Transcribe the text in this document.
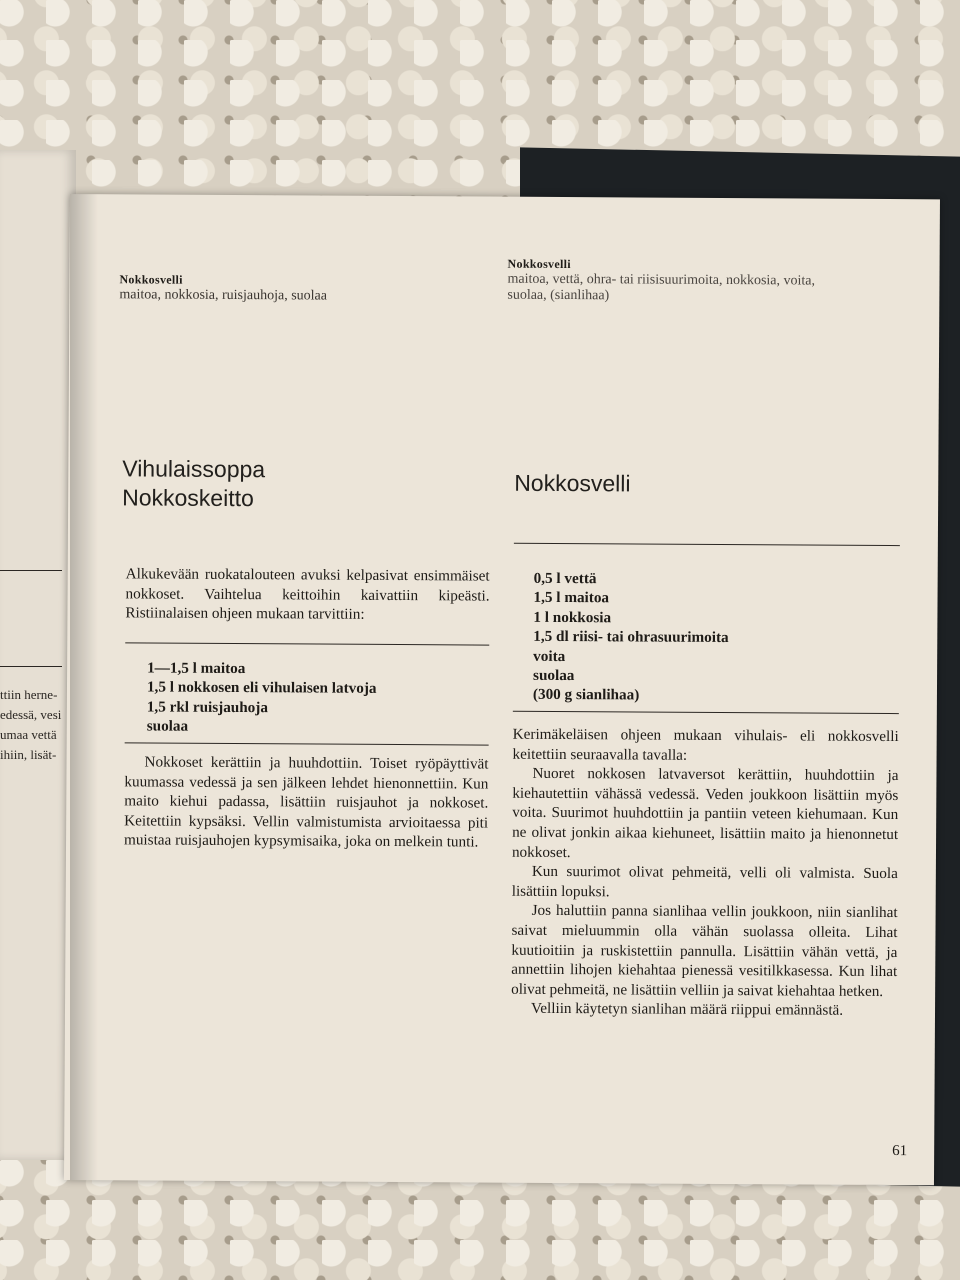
ttiin herne-
edessä, vesi
umaa vettä
ihiin, lisät-
Nokkosvelli
maitoa, nokkosia, ruisjauhoja, suolaa
Vihulaissoppa
Nokkoskeitto
Alkukevään ruokatalouteen avuksi kelpasivat ensimmäiset nokkoset. Vaihtelua keittoihin kaivattiin kipeästi. Ristiinalaisen ohjeen mukaan tarvittiin:
1—1,5 l maitoa
1,5 l nokkosen eli vihulaisen latvoja
1,5 rkl ruisjauhoja
suolaa
Nokkoset kerättiin ja huuhdottiin. Toiset ryöpäyttivät kuumassa vedessä ja sen jälkeen lehdet hienonnettiin. Kun maito kiehui padassa, lisättiin ruisjauhot ja nokkoset. Keitettiin kypsäksi. Vellin valmistumista arvioitaessa piti muistaa ruisjauhojen kypsymisaika, joka on melkein tunti.
Nokkosvelli
maitoa, vettä, ohra- tai riisisuurimoita, nokkosia, voita,
suolaa, (sianlihaa)
Nokkosvelli
0,5 l vettä
1,5 l maitoa
1 l nokkosia
1,5 dl riisi- tai ohrasuurimoita
voita
suolaa
(300 g sianlihaa)

Kerimäkeläisen ohjeen mukaan vihulais- eli nokkosvelli keitettiin seuraavalla tavalla:

Nuoret nokkosen latvaversot kerättiin, huuhdottiin ja kiehautettiin vähässä vedessä. Veden joukkoon lisättiin myös voita. Suurimot huuhdottiin ja pantiin veteen kiehumaan. Kun ne olivat jonkin aikaa kiehuneet, lisättiin maito ja hienonnetut nokkoset.

Kun suurimot olivat pehmeitä, velli oli valmista. Suola lisättiin lopuksi.

Jos haluttiin panna sianlihaa vellin joukkoon, niin sianlihat saivat mieluummin olla vähän suolassa olleita. Lihat kuutioitiin ja ruskistettiin pannulla. Lisättiin vähän vettä, ja annettiin lihojen kiehahtaa pienessä vesitilkkasessa. Kun lihat olivat pehmeitä, ne lisättiin velliin ja saivat kiehahtaa hetken.

Velliin käytetyn sianlihan määrä riippui emännästä.

61
